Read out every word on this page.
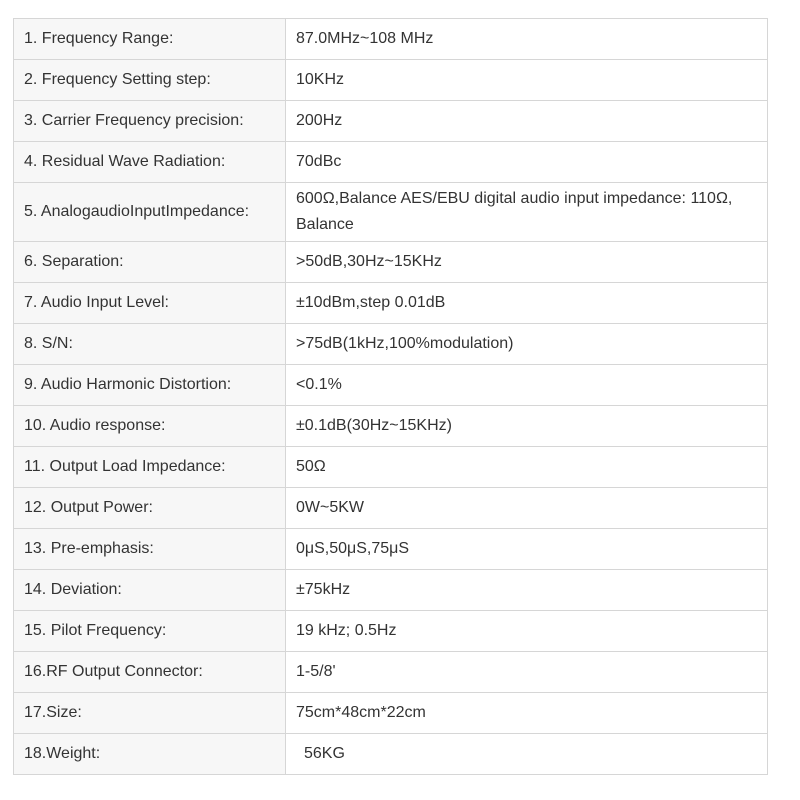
1. Frequency Range:	87.0MHz~108 MHz
2. Frequency Setting step:	10KHz
3. Carrier Frequency precision:	200Hz
4. Residual Wave Radiation:	70dBc
5. AnalogaudioInputImpedance:	600Ω,Balance AES/EBU digital audio input impedance: 110Ω, Balance
6. Separation:	>50dB,30Hz~15KHz
7. Audio Input Level:	±10dBm,step 0.01dB
8. S/N:	>75dB(1kHz,100%modulation)
9. Audio Harmonic Distortion:	<0.1%
10. Audio response:	±0.1dB(30Hz~15KHz)
11. Output Load Impedance:	50Ω
12. Output Power:	0W~5KW
13. Pre-emphasis:	0μS,50μS,75μS
14. Deviation:	±75kHz
15. Pilot Frequency:	19 kHz; 0.5Hz
16.RF Output Connector:	1-5/8'
17.Size:	75cm*48cm*22cm
18.Weight:	56KG
